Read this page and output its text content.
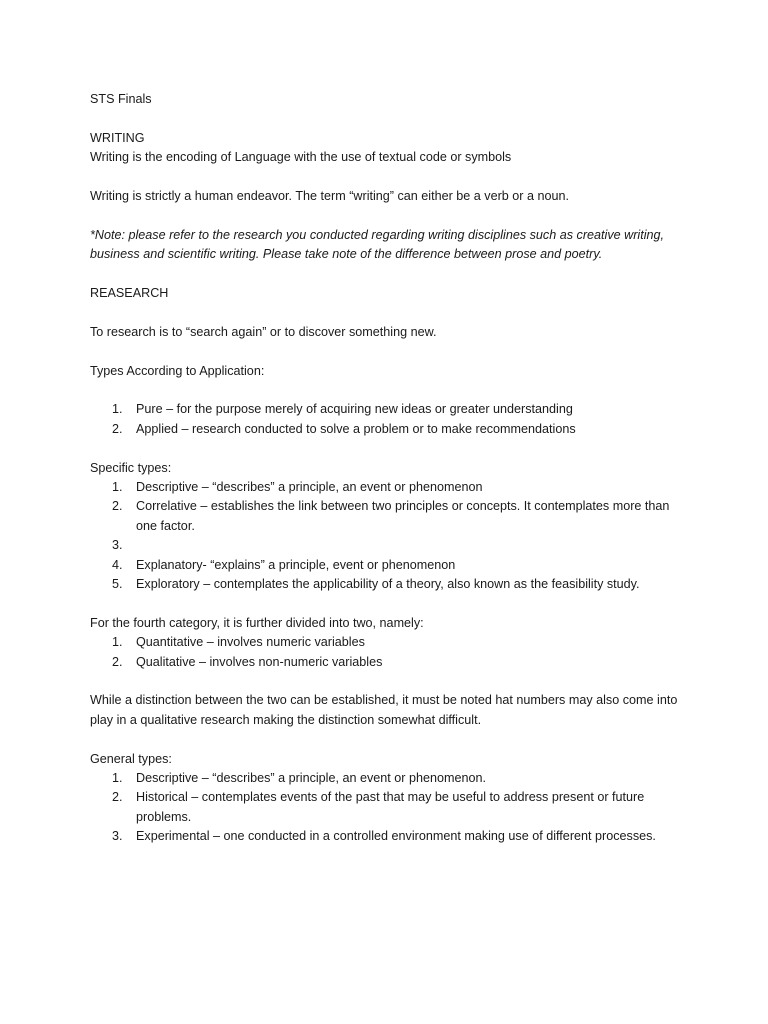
STS Finals

WRITING

Writing is the encoding of Language with the use of textual code or symbols

Writing is strictly a human endeavor. The term “writing” can either be a verb or a noun.

*Note: please refer to the research you conducted regarding writing disciplines such as creative writing, business and scientific writing. Please take note of the difference between prose and poetry.

REASEARCH

To research is to “search again” or to discover something new.

Types According to Application:

1. Pure – for the purpose merely of acquiring new ideas or greater understanding
2. Applied – research conducted to solve a problem or to make recommendations

Specific types:

1. Descriptive – “describes” a principle, an event or phenomenon
2. Correlative – establishes the link between two principles or concepts. It contemplates more than one factor.
3.
4. Explanatory- “explains” a principle, event or phenomenon
5. Exploratory – contemplates the applicability of a theory, also known as the feasibility study.

For the fourth category, it is further divided into two, namely:

1. Quantitative – involves numeric variables
2. Qualitative – involves non-numeric variables

While a distinction between the two can be established, it must be noted hat numbers may also come into play in a qualitative research making the distinction somewhat difficult.

General types:

1. Descriptive – “describes” a principle, an event or phenomenon.
2. Historical – contemplates events of the past that may be useful to address present or future problems.
3. Experimental – one conducted in a controlled environment making use of different processes.
